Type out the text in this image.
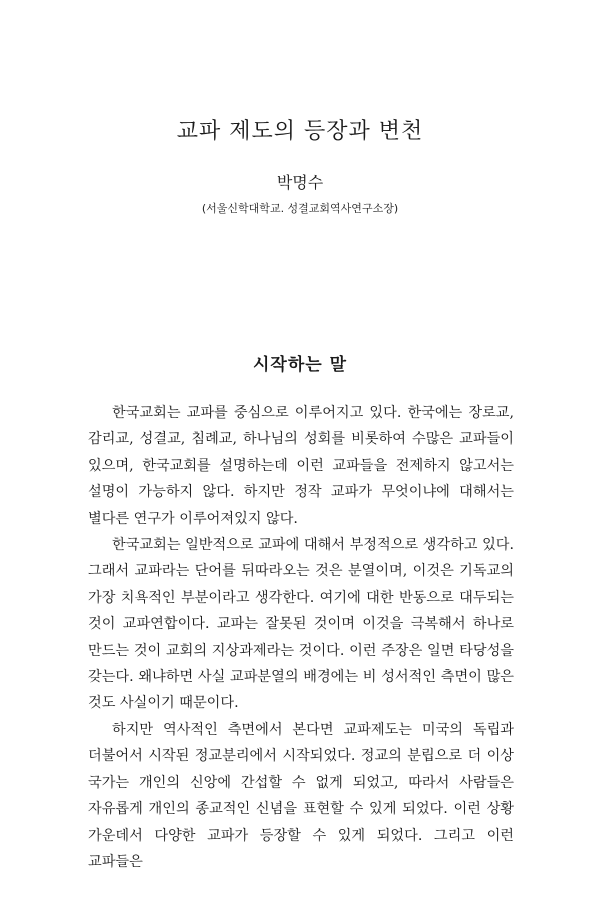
교파 제도의 등장과 변천

박명수

(서울신학대학교. 성결교회역사연구소장)

시작하는 말

한국교회는 교파를 중심으로 이루어지고 있다. 한국에는 장로교, 감리교, 성결교, 침례교, 하나님의 성회를 비롯하여 수많은 교파들이 있으며, 한국교회를 설명하는데 이런 교파들을 전제하지 않고서는 설명이 가능하지 않다. 하지만 정작 교파가 무엇이냐에 대해서는 별다른 연구가 이루어져있지 않다.

한국교회는 일반적으로 교파에 대해서 부정적으로 생각하고 있다. 그래서 교파라는 단어를 뒤따라오는 것은 분열이며, 이것은 기독교의 가장 치욕적인 부분이라고 생각한다. 여기에 대한 반동으로 대두되는 것이 교파연합이다. 교파는 잘못된 것이며 이것을 극복해서 하나로 만드는 것이 교회의 지상과제라는 것이다. 이런 주장은 일면 타당성을 갖는다. 왜냐하면 사실 교파분열의 배경에는 비 성서적인 측면이 많은 것도 사실이기 때문이다.

하지만 역사적인 측면에서 본다면 교파제도는 미국의 독립과 더불어서 시작된 정교분리에서 시작되었다. 정교의 분립으로 더 이상 국가는 개인의 신앙에 간섭할 수 없게 되었고, 따라서 사람들은 자유롭게 개인의 종교적인 신념을 표현할 수 있게 되었다. 이런 상황 가운데서 다양한 교파가 등장할 수 있게 되었다. 그리고 이런 교파들은
